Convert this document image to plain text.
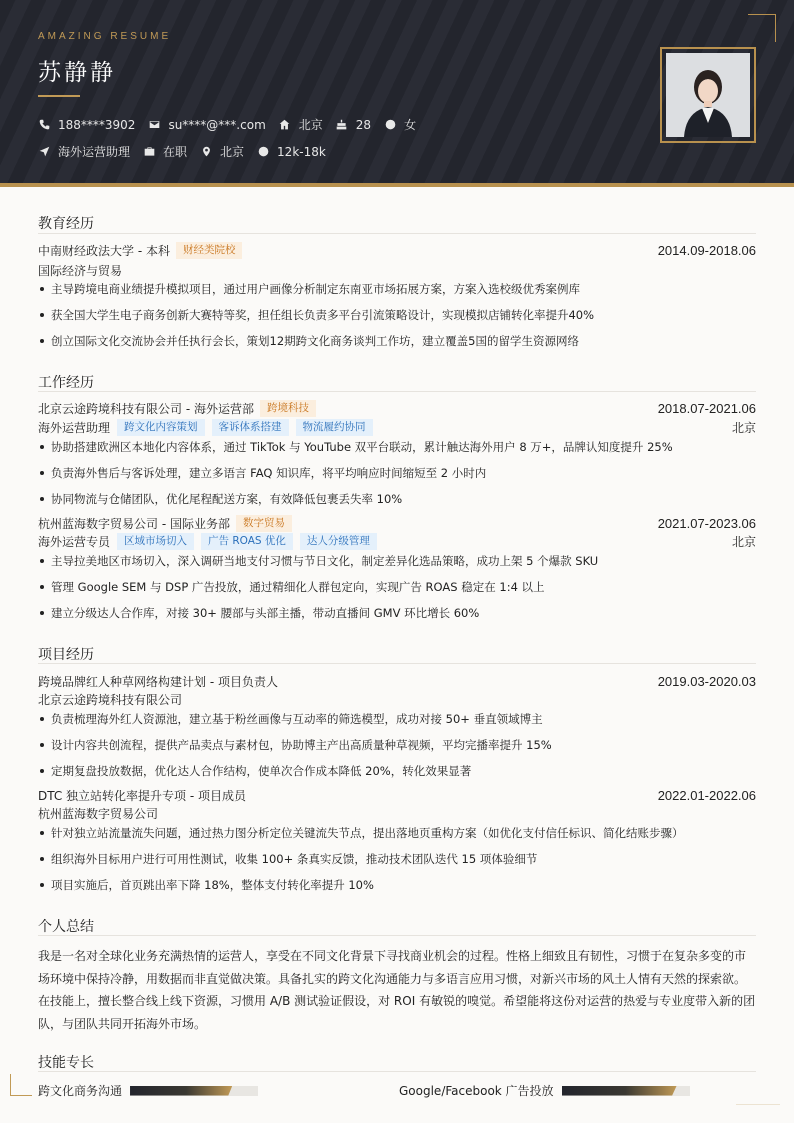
AMAZING RESUME
苏静静
188****3902	su****@***.com	北京	28	女
海外运营助理	在职	北京	12k-18k
教育经历
中南财经政法大学 - 本科	财经类院校	2014.09-2018.06
国际经济与贸易
主导跨境电商业绩提升模拟项目，通过用户画像分析制定东南亚市场拓展方案，方案入选校级优秀案例库
获全国大学生电子商务创新大赛特等奖，担任组长负责多平台引流策略设计，实现模拟店铺转化率提升40%
创立国际文化交流协会并任执行会长，策划12期跨文化商务谈判工作坊，建立覆盖5国的留学生资源网络
工作经历
北京云途跨境科技有限公司 - 海外运营部	跨境科技	2018.07-2021.06
海外运营助理	跨文化内容策划	客诉体系搭建	物流履约协同	北京
协助搭建欧洲区本地化内容体系，通过 TikTok 与 YouTube 双平台联动，累计触达海外用户 8 万+，品牌认知度提升 25%
负责海外售后与客诉处理，建立多语言 FAQ 知识库，将平均响应时间缩短至 2 小时内
协同物流与仓储团队，优化尾程配送方案，有效降低包裹丢失率 10%
杭州蓝海数字贸易公司 - 国际业务部	数字贸易	2021.07-2023.06
海外运营专员	区域市场切入	广告 ROAS 优化	达人分级管理	北京
主导拉美地区市场切入，深入调研当地支付习惯与节日文化，制定差异化选品策略，成功上架 5 个爆款 SKU
管理 Google SEM 与 DSP 广告投放，通过精细化人群包定向，实现广告 ROAS 稳定在 1:4 以上
建立分级达人合作库，对接 30+ 腰部与头部主播，带动直播间 GMV 环比增长 60%
项目经历
跨境品牌红人种草网络构建计划 - 项目负责人	2019.03-2020.03
北京云途跨境科技有限公司
负责梳理海外红人资源池，建立基于粉丝画像与互动率的筛选模型，成功对接 50+ 垂直领域博主
设计内容共创流程，提供产品卖点与素材包，协助博主产出高质量种草视频，平均完播率提升 15%
定期复盘投放数据，优化达人合作结构，使单次合作成本降低 20%，转化效果显著
DTC 独立站转化率提升专项 - 项目成员	2022.01-2022.06
杭州蓝海数字贸易公司
针对独立站流量流失问题，通过热力图分析定位关键流失节点，提出落地页重构方案（如优化支付信任标识、简化结账步骤）
组织海外目标用户进行可用性测试，收集 100+ 条真实反馈，推动技术团队迭代 15 项体验细节
项目实施后，首页跳出率下降 18%，整体支付转化率提升 10%
个人总结
我是一名对全球化业务充满热情的运营人，享受在不同文化背景下寻找商业机会的过程。性格上细致且有韧性，习惯于在复杂多变的市场环境中保持冷静，用数据而非直觉做决策。具备扎实的跨文化沟通能力与多语言应用习惯，对新兴市场的风土人情有天然的探索欲。在技能上，擅长整合线上线下资源，习惯用 A/B 测试验证假设，对 ROI 有敏锐的嗅觉。希望能将这份对运营的热爱与专业度带入新的团队，与团队共同开拓海外市场。
技能专长
跨文化商务沟通	Google/Facebook 广告投放
